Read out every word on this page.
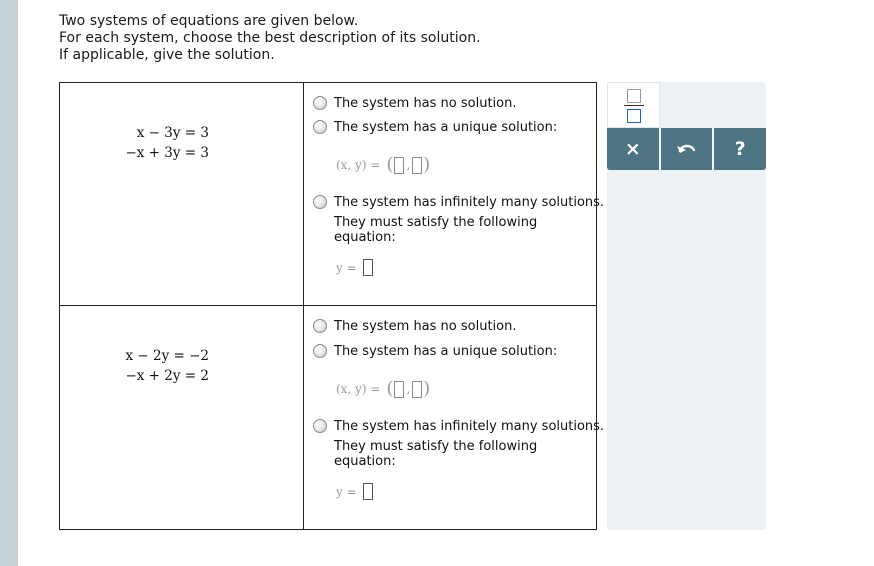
Two systems of equations are given below.
For each system, choose the best description of its solution.
If applicable, give the solution.
x − 3y = 3
−x + 3y = 3
The system has no solution.
The system has a unique solution:
(x, y) = ( , )
The system has infinitely many solutions.
They must satisfy the following
equation:
y =
x − 2y = −2
−x + 2y = 2
The system has no solution.
The system has a unique solution:
(x, y) = ( , )
The system has infinitely many solutions.
They must satisfy the following
equation:
y =
×	?
